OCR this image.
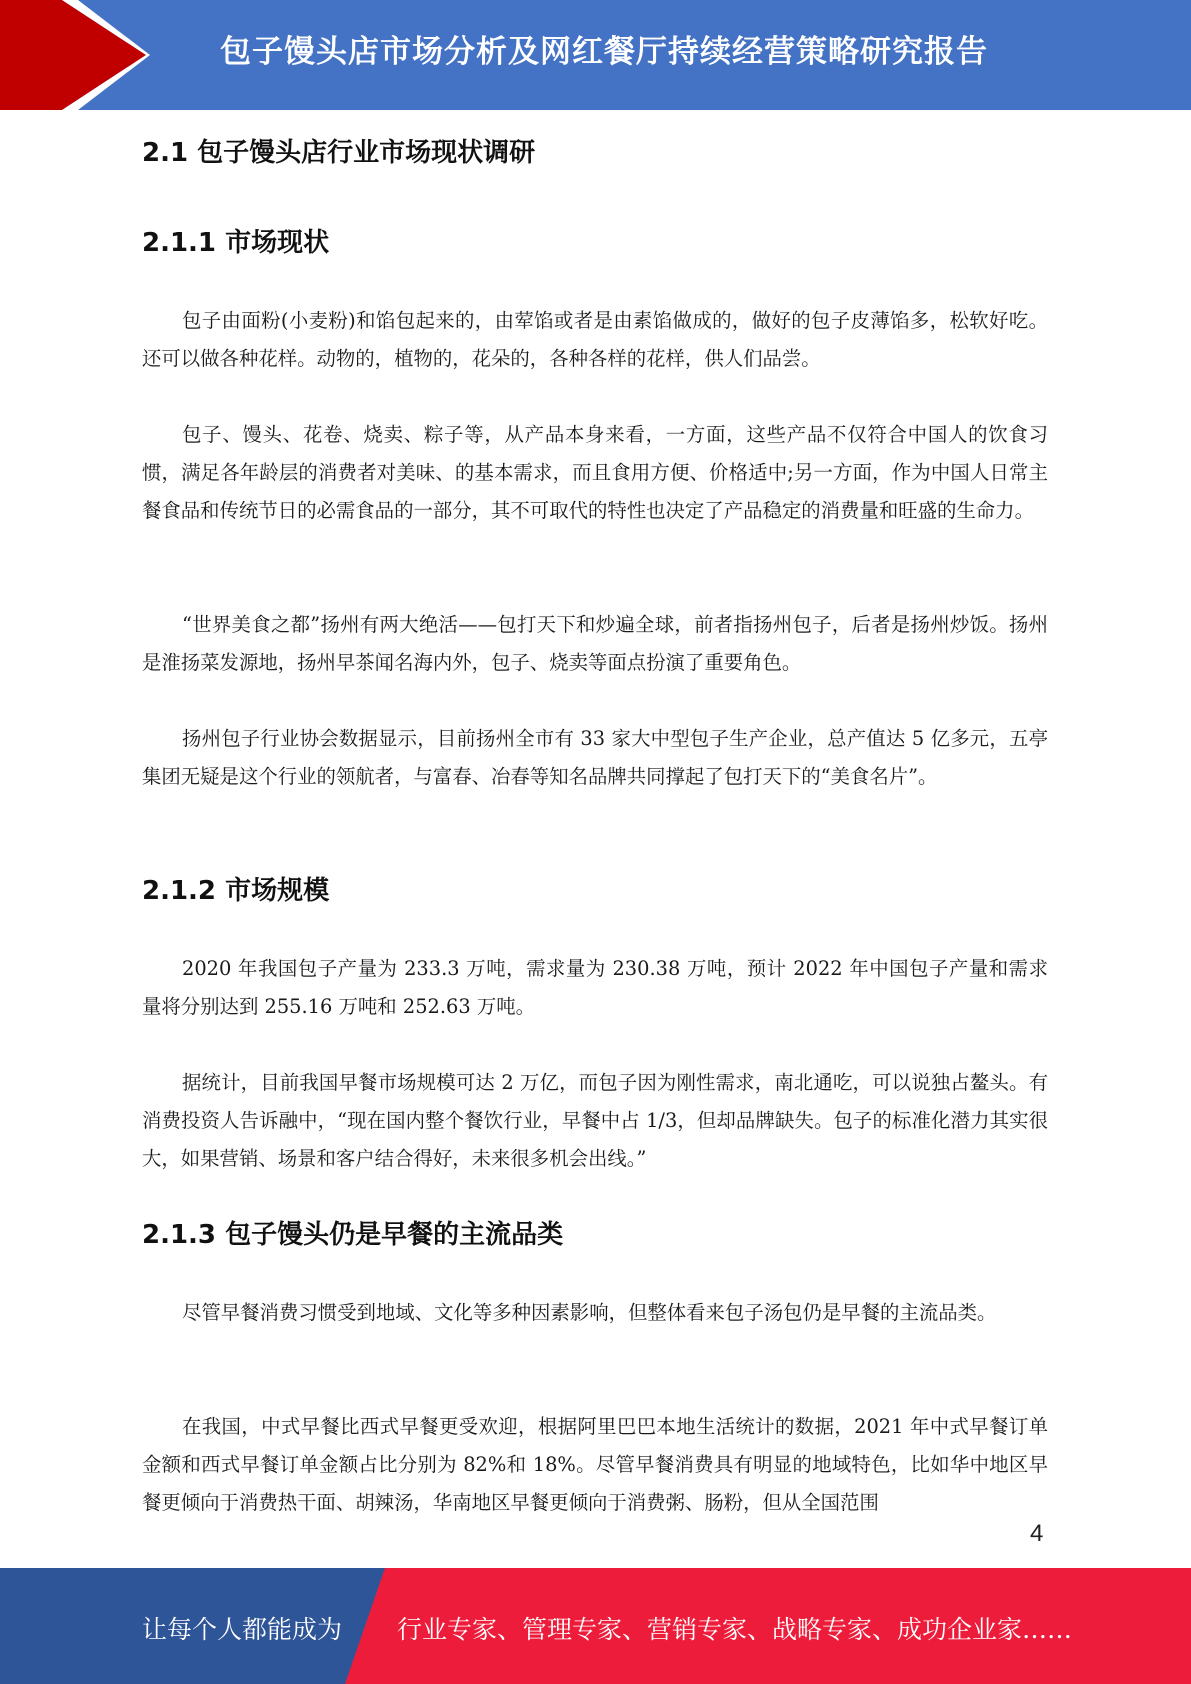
包子馒头店市场分析及网红餐厅持续经营策略研究报告
2.1 包子馒头店行业市场现状调研
2.1.1 市场现状
包子由面粉(小麦粉)和馅包起来的，由荤馅或者是由素馅做成的，做好的包子皮薄馅多，松软好吃。还可以做各种花样。动物的，植物的，花朵的，各种各样的花样，供人们品尝。
包子、馒头、花卷、烧卖、粽子等，从产品本身来看，一方面，这些产品不仅符合中国人的饮食习惯，满足各年龄层的消费者对美味、的基本需求，而且食用方便、价格适中;另一方面，作为中国人日常主餐食品和传统节日的必需食品的一部分，其不可取代的特性也决定了产品稳定的消费量和旺盛的生命力。
“世界美食之都”扬州有两大绝活——包打天下和炒遍全球，前者指扬州包子，后者是扬州炒饭。扬州是淮扬菜发源地，扬州早茶闻名海内外，包子、烧卖等面点扮演了重要角色。
扬州包子行业协会数据显示，目前扬州全市有 33 家大中型包子生产企业，总产值达 5 亿多元，五亭集团无疑是这个行业的领航者，与富春、冶春等知名品牌共同撑起了包打天下的“美食名片”。
2.1.2 市场规模
2020 年我国包子产量为 233.3 万吨，需求量为 230.38 万吨，预计 2022 年中国包子产量和需求量将分别达到 255.16 万吨和 252.63 万吨。
据统计，目前我国早餐市场规模可达 2 万亿，而包子因为刚性需求，南北通吃，可以说独占鳌头。有消费投资人告诉融中，“现在国内整个餐饮行业，早餐中占 1/3，但却品牌缺失。包子的标准化潜力其实很大，如果营销、场景和客户结合得好，未来很多机会出线。”
2.1.3 包子馒头仍是早餐的主流品类
尽管早餐消费习惯受到地域、文化等多种因素影响，但整体看来包子汤包仍是早餐的主流品类。
在我国，中式早餐比西式早餐更受欢迎，根据阿里巴巴本地生活统计的数据，2021 年中式早餐订单金额和西式早餐订单金额占比分别为 82%和 18%。尽管早餐消费具有明显的地域特色，比如华中地区早餐更倾向于消费热干面、胡辣汤，华南地区早餐更倾向于消费粥、肠粉，但从全国范围
4
让每个人都能成为 行业专家、管理专家、营销专家、战略专家、成功企业家……
